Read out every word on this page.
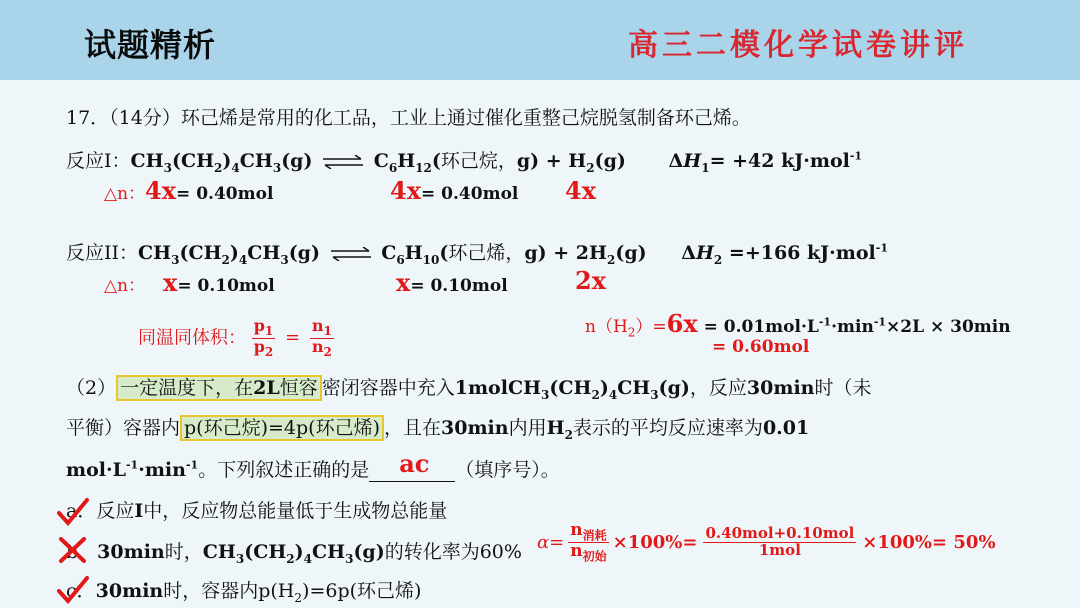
试题精析	高三二模化学试卷讲评
17．（14分）环己烯是常用的化工品，工业上通过催化重整己烷脱氢制备环己烯。
反应I：$CH_3(CH_2)_4CH_3(g)$ ⇌ $C_6H_{12}$(环己烷，$g) + H_2(g)$ $\Delta H_1= +42$ kJ·mol$^{-1}$
△n：4x= 0.40mol	4x= 0.40mol 4x
反应II：$CH_3(CH_2)_4CH_3(g)$ ⇌ $C_6H_{10}$(环己烯，$g) + 2H_2(g)$ $\Delta H_2 =+166$ kJ·mol$^{-1}$
△n： x= 0.10mol	x= 0.10mol	2x
同温同体积： $\frac{p_1}{p_2} = \frac{n_1}{n_2}$	$n(H_2)=6x = 0.01mol\cdot L^{-1}\cdot\min^{-1}\times 2L \times 30\min$
= 0.60mol
（2） 一定温度下，在2L恒容 密闭容器中充入$1molCH_3(CH_2)_4CH_3(g)$，反应30min时（未
平衡）容器内 p(环己烷)=4p(环己烯) ，且在30min内用$H_2$表示的平均反应速率为0.01
$mol\cdot L^{-1}\cdot\min^{-1}$。下列叙述正确的是 ac （填序号）。
a．反应I中，反应物总能量低于生成物总能量
b．30min时，$CH_3(CH_2)_4CH_3(g)$的转化率为60%
c．30min时，容器内$p(H_2)=6p$(环己烯)
$\alpha= \frac{n_{消耗}}{n_{初始}} \times 100\%= \frac{\text{0.40mol+0.10mol}}{\text{1mol}} \times 100\%= 50\%$
